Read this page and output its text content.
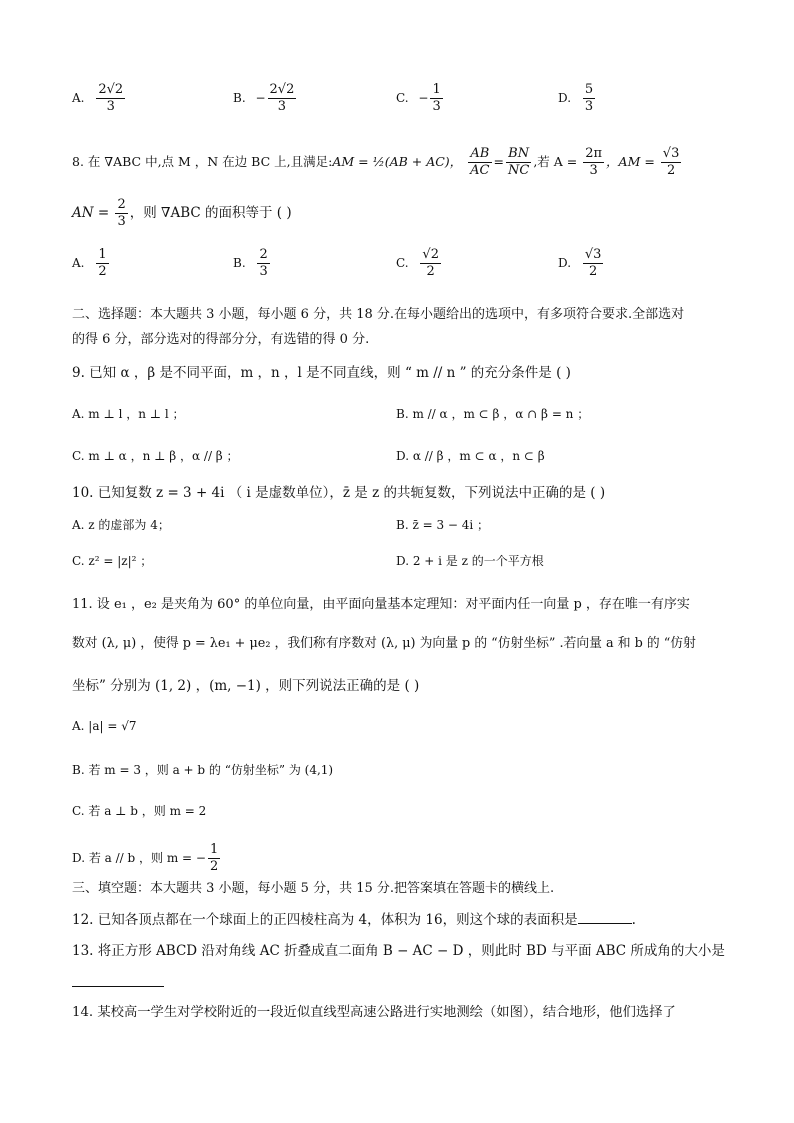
A. $\frac{2√2}{3}$	B. − $\frac{2√2}{3}$	C. − $\frac{1}{3}$	D. $\frac{5}{3}$
8. 在 ∇ABC 中,点 M ，N 在边 BC 上,且满足:AM = ½(AB + AC)， $\frac{AB}{AC} = \frac{BN}{NC}$ ,若 $A = \frac{2\pi}{3}$ ，AM = $\frac{√3}{2}$
AN = $\frac{2}{3}$ ，则 ∇ABC 的面积等于 ( )
A. $\frac{1}{2}$	B. $\frac{2}{3}$	C. $\frac{√2}{2}$	D. $\frac{√3}{2}$
二、选择题：本大题共 3 小题，每小题 6 分，共 18 分.在每小题给出的选项中，有多项符合要求.全部选对
的得 6 分，部分选对的得部分分，有选错的得 0 分.
9. 已知 α ，β 是不同平面，m ，n ，l 是不同直线，则 “ m // n ” 的充分条件是 ( )
A. m ⊥ l ，n ⊥ l ；	B. m // α ，m ⊂ β ，α ∩ β = n ；
C. m ⊥ α ，n ⊥ β ，α // β ；	D. α // β ，m ⊂ α ，n ⊂ β
10. 已知复数 z = 3 + 4i （ i 是虚数单位），z̄ 是 z 的共轭复数，下列说法中正确的是 ( )
A. z 的虚部为 4；	B. z̄ = 3 − 4i ；
C. z² = |z|² ；	D. 2 + i 是 z 的一个平方根
11. 设 e₁ ，e₂ 是夹角为 60° 的单位向量，由平面向量基本定理知：对平面内任一向量 p ，存在唯一有序实
数对 (λ, μ) ，使得 p = λe₁ + μe₂ ，我们称有序数对 (λ, μ) 为向量 p 的 “仿射坐标” .若向量 a 和 b 的 “仿射
坐标” 分别为 (1, 2) ，(m, −1) ，则下列说法正确的是 ( )
A. |a| = √7
B. 若 m = 3 ，则 a + b 的 “仿射坐标” 为 (4,1)
C. 若 a ⊥ b ，则 m = 2
D. 若 a // b ，则 m = − $\frac{1}{2}$
三、填空题：本大题共 3 小题，每小题 5 分，共 15 分.把答案填在答题卡的横线上.
12. 已知各顶点都在一个球面上的正四棱柱高为 4，体积为 16，则这个球的表面积是	.
13. 将正方形 ABCD 沿对角线 AC 折叠成直二面角 B − AC − D ，则此时 BD 与平面 ABC 所成角的大小是
14. 某校高一学生对学校附近的一段近似直线型高速公路进行实地测绘（如图），结合地形，他们选择了
